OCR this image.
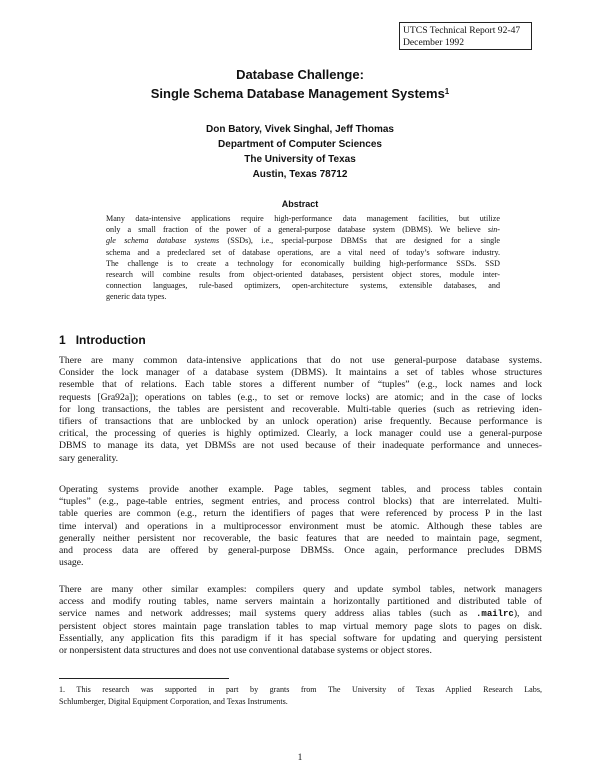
UTCS Technical Report 92-47
December 1992
Database Challenge:
Single Schema Database Management Systems$^1$
Don Batory, Vivek Singhal, Jeff Thomas
Department of Computer Sciences
The University of Texas
Austin, Texas 78712
Abstract
Many data-intensive applications require high-performance data management facilities, but utilize
only a small fraction of the power of a general-purpose database system (DBMS). We believe sin-
gle schema database systems (SSDs), i.e., special-purpose DBMSs that are designed for a single
schema and a predeclared set of database operations, are a vital need of today’s software industry.
The challenge is to create a technology for economically building high-performance SSDs. SSD
research will combine results from object-oriented databases, persistent object stores, module inter-
connection languages, rule-based optimizers, open-architecture systems, extensible databases, and
generic data types.
1 Introduction
There are many common data-intensive applications that do not use general-purpose database systems.
Consider the lock manager of a database system (DBMS). It maintains a set of tables whose structures
resemble that of relations. Each table stores a different number of “tuples” (e.g., lock names and lock
requests [Gra92a]); operations on tables (e.g., to set or remove locks) are atomic; and in the case of locks
for long transactions, the tables are persistent and recoverable. Multi-table queries (such as retrieving iden-
tifiers of transactions that are unblocked by an unlock operation) arise frequently. Because performance is
critical, the processing of queries is highly optimized. Clearly, a lock manager could use a general-purpose
DBMS to manage its data, yet DBMSs are not used because of their inadequate performance and unneces-
sary generality.
Operating systems provide another example. Page tables, segment tables, and process tables contain
“tuples” (e.g., page-table entries, segment entries, and process control blocks) that are interrelated. Multi-
table queries are common (e.g., return the identifiers of pages that were referenced by process P in the last
time interval) and operations in a multiprocessor environment must be atomic. Although these tables are
generally neither persistent nor recoverable, the basic features that are needed to maintain page, segment,
and process data are offered by general-purpose DBMSs. Once again, performance precludes DBMS
usage.
There are many other similar examples: compilers query and update symbol tables, network managers
access and modify routing tables, name servers maintain a horizontally partitioned and distributed table of
service names and network addresses; mail systems query address alias tables (such as .mailrc), and
persistent object stores maintain page translation tables to map virtual memory page slots to pages on disk.
Essentially, any application fits this paradigm if it has special software for updating and querying persistent
or nonpersistent data structures and does not use conventional database systems or object stores.
1. This research was supported in part by grants from The University of Texas Applied Research Labs,
Schlumberger, Digital Equipment Corporation, and Texas Instruments.
1
